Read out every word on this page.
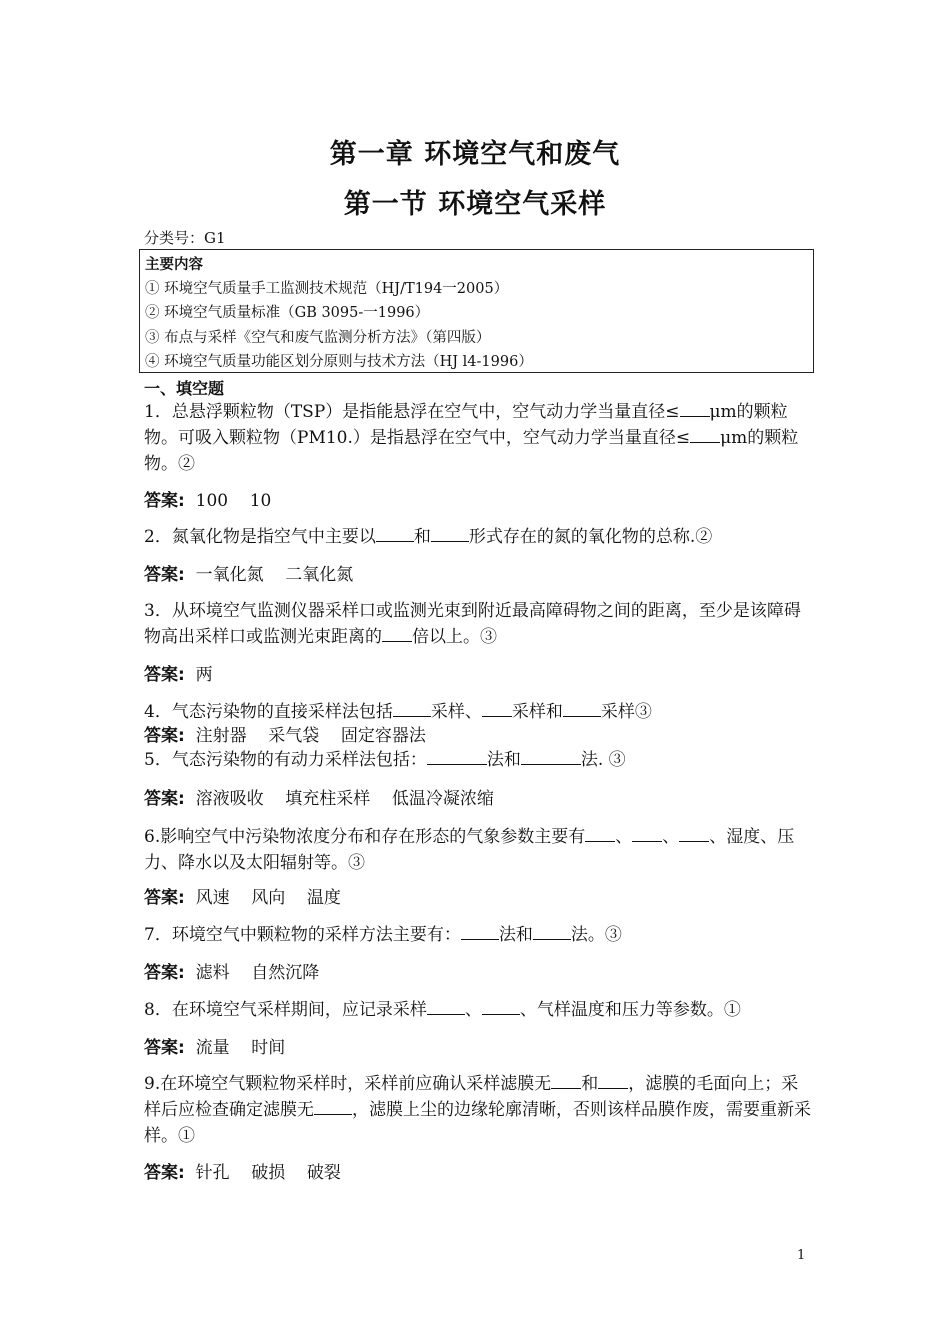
第一章 环境空气和废气
第一节 环境空气采样
分类号：G1
主要内容
① 环境空气质量手工监测技术规范（HJ/T194一2005）
② 环境空气质量标准（GB 3095-一1996）
③ 布点与采样《空气和废气监测分析方法》（第四版）
④ 环境空气质量功能区划分原则与技术方法（HJ l4-1996）
一、填空题
1．总悬浮颗粒物（TSP）是指能悬浮在空气中，空气动力学当量直径≤ μm的颗粒物。可吸入颗粒物（PM10.）是指悬浮在空气中，空气动力学当量直径≤ μm的颗粒物。②
答案: 100    10
2．氮氧化物是指空气中主要以 和 形式存在的氮的氧化物的总称.②
答案: 一氧化氮    二氧化氮
3．从环境空气监测仪器采样口或监测光束到附近最高障碍物之间的距离，至少是该障碍物高出采样口或监测光束距离的 倍以上。③
答案: 两
4．气态污染物的直接采样法包括 采样、 采样和 采样③
答案: 注射器    采气袋    固定容器法
5．气态污染物的有动力采样法包括：	法和	法. ③
答案: 溶液吸收    填充柱采样    低温冷凝浓缩
6.影响空气中污染物浓度分布和存在形态的气象参数主要有 、 、 、湿度、压力、降水以及太阳辐射等。③
答案: 风速    风向    温度
7．环境空气中颗粒物的采样方法主要有： 法和 法。③
答案: 滤料    自然沉降
8．在环境空气采样期间，应记录采样 、 、气样温度和压力等参数。①
答案: 流量    时间
9.在环境空气颗粒物采样时，采样前应确认采样滤膜无 和 ，滤膜的毛面向上；采样后应检查确定滤膜无 ，滤膜上尘的边缘轮廓清晰，否则该样品膜作废，需要重新采样。①
答案: 针孔    破损    破裂
1
